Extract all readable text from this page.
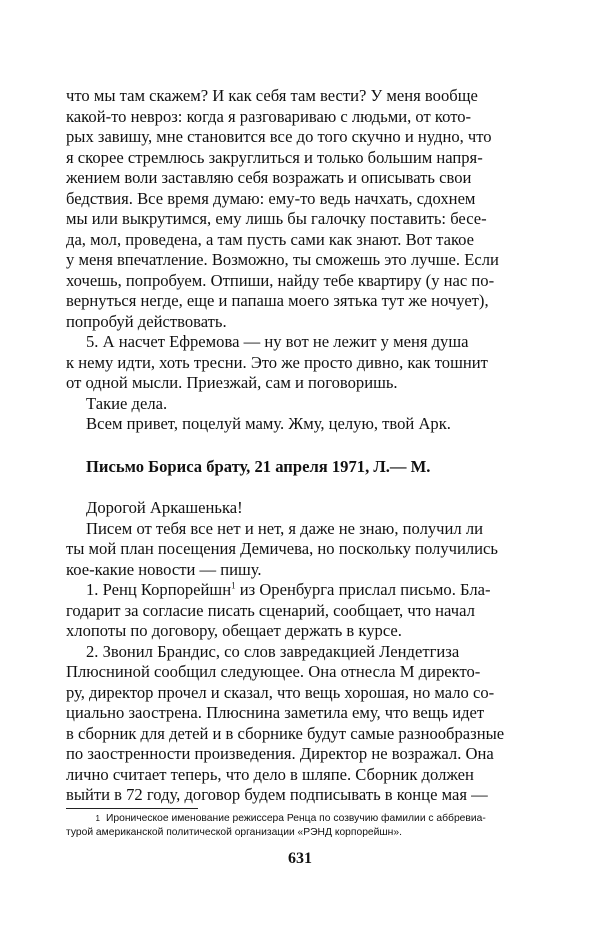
что мы там скажем? И как себя там вести? У меня вообще
какой-то невроз: когда я разговариваю с людьми, от кото-
рых завишу, мне становится все до того скучно и нудно, что
я скорее стремлюсь закруглиться и только большим напря-
жением воли заставляю себя возражать и описывать свои
бедствия. Все время думаю: ему-то ведь начхать, сдохнем
мы или выкрутимся, ему лишь бы галочку поставить: бесе-
да, мол, проведена, а там пусть сами как знают. Вот такое
у меня впечатление. Возможно, ты сможешь это лучше. Если
хочешь, попробуем. Отпиши, найду тебе квартиру (у нас по-
вернуться негде, еще и папаша моего зятька тут же ночует),
попробуй действовать.

5. А насчет Ефремова — ну вот не лежит у меня душа
к нему идти, хоть тресни. Это же просто дивно, как тошнит
от одной мысли. Приезжай, сам и поговоришь.

Такие дела.

Всем привет, поцелуй маму. Жму, целую, твой Арк.

Письмо Бориса брату, 21 апреля 1971, Л.— М.

Дорогой Аркашенька!

Писем от тебя все нет и нет, я даже не знаю, получил ли
ты мой план посещения Демичева, но поскольку получились
кое-какие новости — пишу.

1. Ренц Корпорейшн$^1$ из Оренбурга прислал письмо. Бла-
годарит за согласие писать сценарий, сообщает, что начал
хлопоты по договору, обещает держать в курсе.

2. Звонил Брандис, со слов завредакцией Лендетгиза
Плюсниной сообщил следующее. Она отнесла М директо-
ру, директор прочел и сказал, что вещь хорошая, но мало со-
циально заострена. Плюснина заметила ему, что вещь идет
в сборник для детей и в сборнике будут самые разнообразные
по заостренности произведения. Директор не возражал. Она
лично считает теперь, что дело в шляпе. Сборник должен
выйти в 72 году, договор будем подписывать в конце мая —

1 Ироническое именование режиссера Ренца по созвучию фамилии с аббревиа-
турой американской политической организации «РЭНД корпорейшн».
631
